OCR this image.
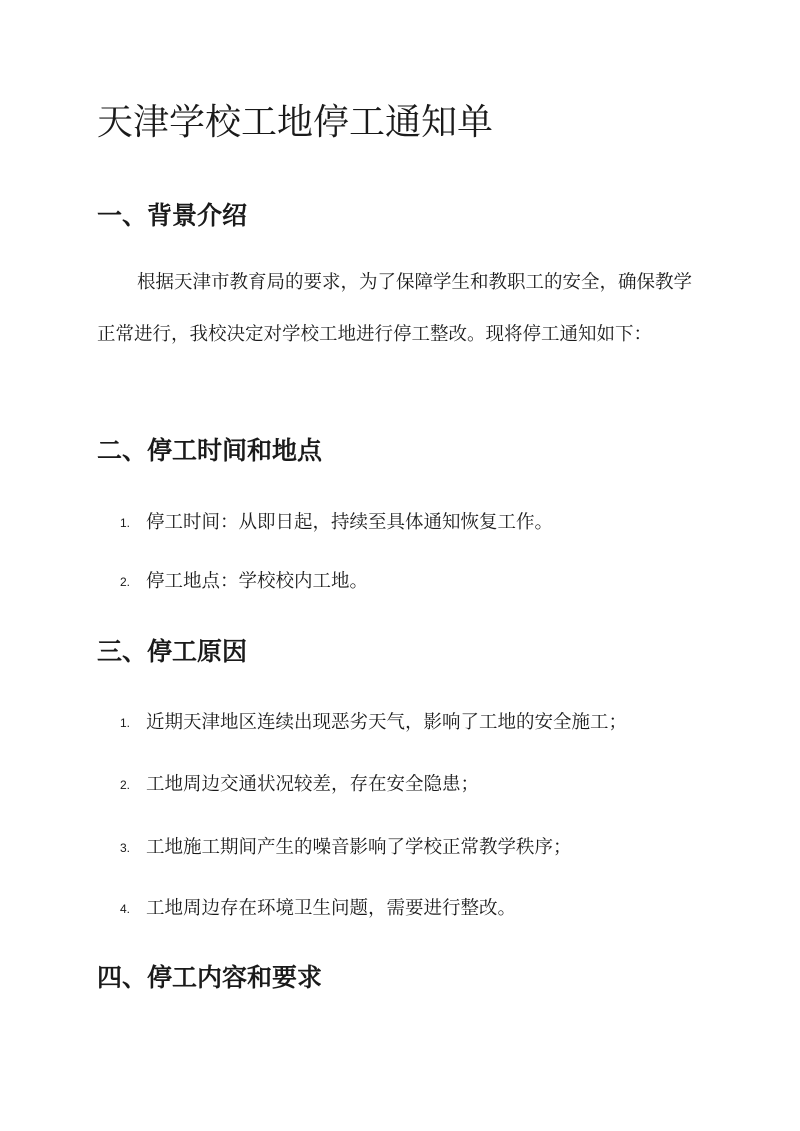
天津学校工地停工通知单
一、背景介绍

根据天津市教育局的要求，为了保障学生和教职工的安全，确保教学正常进行，我校决定对学校工地进行停工整改。现将停工通知如下：

二、停工时间和地点

1. 停工时间：从即日起，持续至具体通知恢复工作。

2. 停工地点：学校校内工地。

三、停工原因

1. 近期天津地区连续出现恶劣天气，影响了工地的安全施工；

2. 工地周边交通状况较差，存在安全隐患；

3. 工地施工期间产生的噪音影响了学校正常教学秩序；

4. 工地周边存在环境卫生问题，需要进行整改。

四、停工内容和要求
